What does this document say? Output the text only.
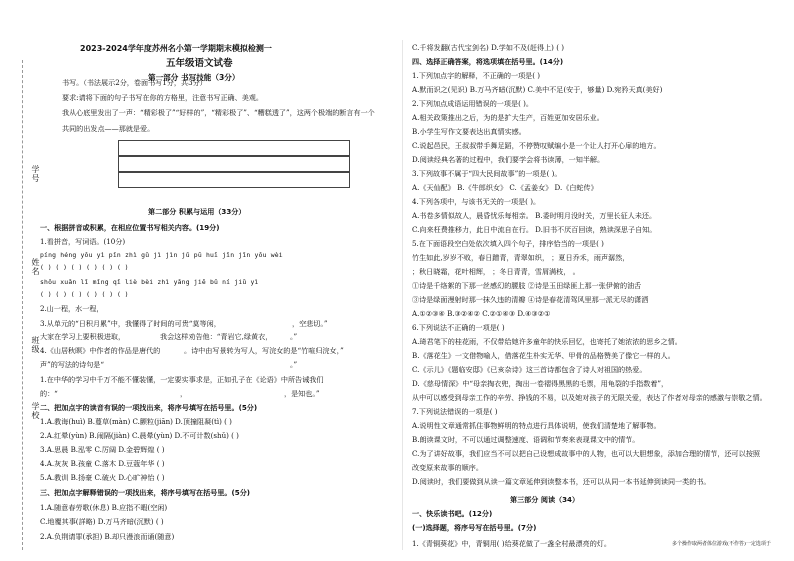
学号
姓名
班级
学校
2023-2024学年度苏州名小第一学期期末模拟检测一
五年级语文试卷
第一部分 书写技能（3分）
书写。（书法展示2分，卷面书写1分，共3分）
要求:请将下面的句子书写在你的方格里，注意书写正确、美观。
我从心底里发出了一声：“精彩极了”“好样的”，“精彩极了”、“糟糕透了”，这两个极端的断言有一个
共同的出发点——那就是爱。
第二部分 积累与运用（33分）
一、根据拼音或积累，在相应位置书写相关内容。(19分)
1.看拼音，写词语。(10分)
píng héng yǒu yì pǐn zhì gǔ jì jìn jǔ pū huī jǐn jǐn yǒu wèi
( ) ( ) ( ) ( ) ( ) ( )
shǒu xuǎn lǐ mǐng qǐ liè bèi zhì yǎng jiē bǔ ní jiǔ yì
( ) ( ) ( ) ( ) ( ) ( )
2.山一程，水一程，
3.从单元的“日积月累”中，我懂得了时间的可贵“莫等闲，	，空悲切。”
大家在学习上要积极进取，	我会这样劝告他：“青岩它,绿黄衣， 。”
4.《山居秋暝》中作者的作品是唐代的	。诗中由写景转为写人，写浣女的是“竹喧归浣女，”
声”的写法的诗句是“	。”
1.在中华的学习中千万不能不懂装懂，一定要实事求是，正如孔子在《论语》中所告诫我们
的：“	，	，是知也。”
二、把加点字的读音有误的一项找出来，将序号填写在括号里。(5分)
1.A.教诲(huì) B.蔓草(màn) C.颤粒(jiān) D.顶撞阻凝(tì) ( )
2.A.红晕(yùn) B.闹隔(jiàn) C.晨晕(yùn) D.不可计数(shǔ) ( )
3.A.思晨 B.泓零 C.厉阔 D.金碧辉煌 ( )
4.A.灰灰 B.孩童 C.落木 D.豆蔻年华 ( )
5.A.教训 B.扬豪 C.破火 D.心旷神怡 ( )
三、把加点字解释错误的一项找出来，将序号填写在括号里。(5分)
1.A.随意春劳歌(休息) B.应指不暇(空闲)
C.地覆其事(詳略) D.万马齐暗(沉默) ( )
2.A.负荆请罪(承担) B.却只漫浪而诵(随意)
C.千将发翻(古代宝剑名) D.学如不及(赶得上) ( )
四、选择正确答案，将选项填在括号里。(14分)
1.下列加点字的解释，不正确的一项是( )
A.默而识之(见识) B.万马齐暗(沉默) C.美中不足(安于，够量) D.宛矜天真(美好)
2.下列加点成语运用错误的一项是( )。
A.相关政策推出之后，为的是扩大生产，百姓更加安居乐业。
B.小学生写作文要表达出真情实感。
C.说起邑民，王叔叔带手舞足蹈，不停赞叹赋编小是一个让人打开心扉的地方。
D.阅读经典名著的过程中，我们要学会将书读薄，一知半解。
3.下列故事不属于“四大民间故事”的一项是( )。
A.《天仙配》 B.《牛郎织女》 C.《孟姜女》 D.《白蛇传》
4.下列各项中，与该书无关的一项是( )。
A.书卷多情似故人，晨昏忧乐每相亲。 B.委时明月没时关，万里长征人未还。
C.向来枉费推移力，此日中流自在行。 D.旧书不厌百回读，熟读深思子自知。
5.在下面语段空白处依次填入四个句子，排序恰当的一项是( )
竹生如此,岁岁不败，春日蹭青，青翠如织， ；夏日乔禾，雨声潺然，
；秋日晓霜，花叶相辉， ；冬日青青，雪屑满枝， 。
①诗是千络絮的下那一丝感幻的腰肢 ②诗是玉田绿匪上那一张伊俯的油舌
③诗是绿面漫射时那一抹久违的清瓣 ④诗是春花清驾风里那一派无尽的潇洒
A.①②③④ B.③②④② C.②①④③ D.④③②①
6.下列说法不正确的一项是( )
A.琦君笔下的桂花雨，不仅带给她许多童年的快乐回忆，也寄托了她浓浓的思乡之情。
B.《落花生》一文借物喻人，借落花生朴实无华、甲骨的品格赞美了像它一样的人。
C.《示儿》《题临安邸》《已亥杂诗》这三首诗都包含了诗人对祖国的热爱。
D.《慈母情深》中“母亲掏衣兜，掏出一卷褶得黑黑的毛票，用龟裂的手指数着”，
从中可以感受到母亲工作的辛劳、挣钱的不易，以及她对孩子的无限关爱，表达了作者对母亲的感激与崇敬之情。
7.下列说法错误的一项是( )
A.说明性文章通常抓住事物鲜明的特点进行具体说明，使我们清楚地了解事物。
B.朗读课文时，不可以通过调整速度、语调和节奏来表现课文中的情节。
C.为了讲好故事，我们应当不可以把自己设想成故事中的人物，也可以大胆想象，添加合理的情节，还可以按照
改变原来故事的顺序。
D.阅读时，我们要做到从读一篇文章延伸到读整本书，还可以从同一本书延伸到读同一类的书。
第三部分 阅读（34）
一、快乐读书吧。(12分)
(一)选择题，将序号写在括号里。(7分)
1.《青铜葵花》中，青铜用( )给葵花做了一盏全村最漂亮的灯。	多个操作取两者体位游戏(不作答)一定选项于
